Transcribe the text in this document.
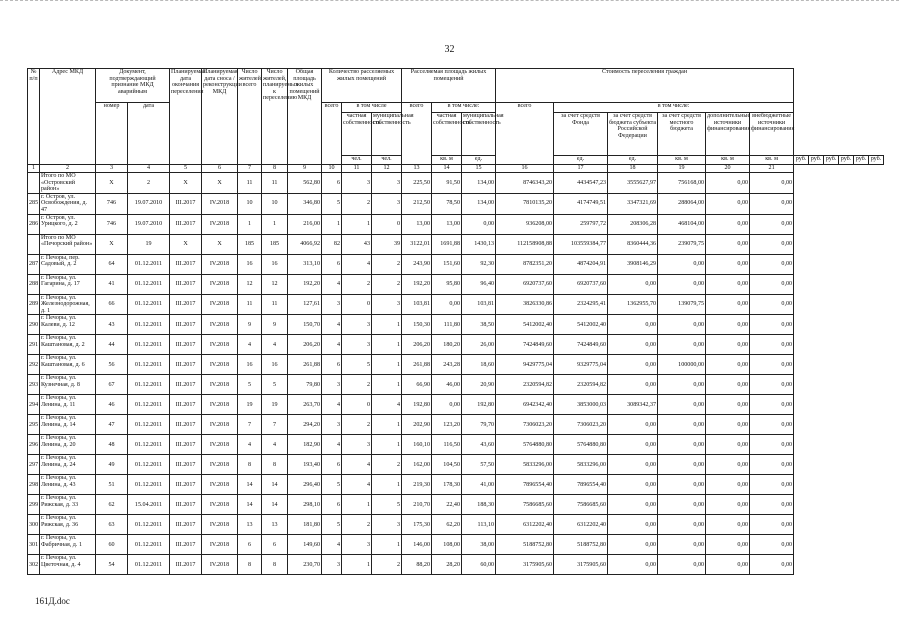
32
№ п/п	Адрес МКД	Документ, подтверждающий признание МКД аварийным		Планируемая дата окончания переселения	Планируемая дата сноса / реконструкции МКД	Число жителей, всего	Число жителей, планируемых к переселению	Общая площадь жилых помещений МКД	Количество расселяемых жилых помещений			Расселяемая площадь жилых помещений			Стоимость переселения граждан											
		номер	дата						всего	в том числе		всего	в том числе:		всего	в том числе:										
										частная собственность	муниципальная собственность		частная собственность	муниципальная собственность		за счет средств Фонда	за счет средств бюджета субъекта Российской Федерации	за счет средств местного бюджета	дополнительные источники финансирования	внебюджетные источники финансирования						
										чел.	чел.		кв. м	ед.		ед.	ед.	кв. м	кв. м	кв. м	руб.	руб.	руб.	руб.	руб.	руб.
1	2	3	4	5	6	7	8	9	10	11	12	13	14	15	16	17	18	19	20	21						
	Итого по МО «Островский район»	X	2	X	X	11	11	562,80	6	3	3	225,50	91,50	134,00	8746343,20	4434547,23	3555627,97	756168,00	0,00	0,00						
285	г. Остров, ул. Освобождения, д. 47	746	19.07.2010	III.2017	IV.2018	10	10	346,80	5	2	3	212,50	78,50	134,00	7810135,20	4174749,51	3347321,69	288064,00	0,00	0,00						
286	г. Остров, ул. Урицкого, д. 2	746	19.07.2010	III.2017	IV.2018	1	1	216,00	1	1	0	13,00	13,00	0,00	936208,00	259797,72	208306,28	468104,00	0,00	0,00						
	Итого по МО «Печорский район»	X	19	X	X	185	185	4066,92	82	43	39	3122,01	1691,88	1430,13	112158908,88	103559384,77	8360444,36	239079,75	0,00	0,00						
287	г. Печоры, пер. Садовый, д. 2	64	01.12.2011	III.2017	IV.2018	16	16	313,10	6	4	2	243,90	151,60	92,30	8782351,20	4874204,91	3908146,29	0,00	0,00	0,00						
288	г. Печоры, ул. Гагарина, д. 17	41	01.12.2011	III.2017	IV.2018	12	12	192,20	4	2	2	192,20	95,80	96,40	6920737,60	6920737,60	0,00	0,00	0,00	0,00						
289	г. Печоры, ул. Железнодорожная, д. 1	66	01.12.2011	III.2017	IV.2018	11	11	127,61	3	0	3	103,81	0,00	103,81	3826330,86	2324295,41	1362955,70	139079,75	0,00	0,00						
290	г. Печоры, ул. Калеви, д. 12	43	01.12.2011	III.2017	IV.2018	9	9	150,70	4	3	1	150,30	111,80	38,50	5412002,40	5412002,40	0,00	0,00	0,00	0,00						
291	г. Печоры, ул. Каштановая, д. 2	44	01.12.2011	III.2017	IV.2018	4	4	206,20	4	3	1	206,20	180,20	26,00	7424849,60	7424849,60	0,00	0,00	0,00	0,00						
292	г. Печоры, ул. Каштановая, д. 6	56	01.12.2011	III.2017	IV.2018	16	16	261,88	6	5	1	261,88	243,28	18,60	9429775,04	9329775,04	0,00	100000,00	0,00	0,00						
293	г. Печоры, ул. Кузнечная, д. 8	67	01.12.2011	III.2017	IV.2018	5	5	79,80	3	2	1	66,90	46,00	20,90	2320594,82	2320594,82	0,00	0,00	0,00	0,00						
294	г. Печоры, ул. Ленина, д. 11	46	01.12.2011	III.2017	IV.2018	19	19	263,70	4	0	4	192,80	0,00	192,80	6942342,40	3853000,03	3089342,37	0,00	0,00	0,00						
295	г. Печоры, ул. Ленина, д. 14	47	01.12.2011	III.2017	IV.2018	7	7	294,20	3	2	1	202,90	123,20	79,70	7306023,20	7306023,20	0,00	0,00	0,00	0,00						
296	г. Печоры, ул. Ленина, д. 20	48	01.12.2011	III.2017	IV.2018	4	4	182,90	4	3	1	160,10	116,50	43,60	5764880,80	5764880,80	0,00	0,00	0,00	0,00						
297	г. Печоры, ул. Ленина, д. 24	49	01.12.2011	III.2017	IV.2018	8	8	193,40	6	4	2	162,00	104,50	57,50	5833296,00	5833296,00	0,00	0,00	0,00	0,00						
298	г. Печоры, ул. Ленина, д. 43	51	01.12.2011	III.2017	IV.2018	14	14	296,40	5	4	1	219,30	178,30	41,00	7896554,40	7896554,40	0,00	0,00	0,00	0,00						
299	г. Печоры, ул. Рижская, д. 33	62	15.04.2011	III.2017	IV.2018	14	14	298,10	6	1	5	210,70	22,40	188,30	7586685,60	7586685,60	0,00	0,00	0,00	0,00						
300	г. Печоры, ул. Рижская, д. 36	63	01.12.2011	III.2017	IV.2018	13	13	181,80	5	2	3	175,30	62,20	113,10	6312202,40	6312202,40	0,00	0,00	0,00	0,00						
301	г. Печоры, ул. Фабричная, д. 1	60	01.12.2011	III.2017	IV.2018	6	6	149,60	4	3	1	146,00	108,00	38,00	5188752,80	5188752,80	0,00	0,00	0,00	0,00						
302	г. Печоры, ул. Цветочная, д. 4	54	01.12.2011	III.2017	IV.2018	8	8	230,70	3	1	2	88,20	28,20	60,00	3175905,60	3175905,60	0,00	0,00	0,00	0,00						
161Д.doc
